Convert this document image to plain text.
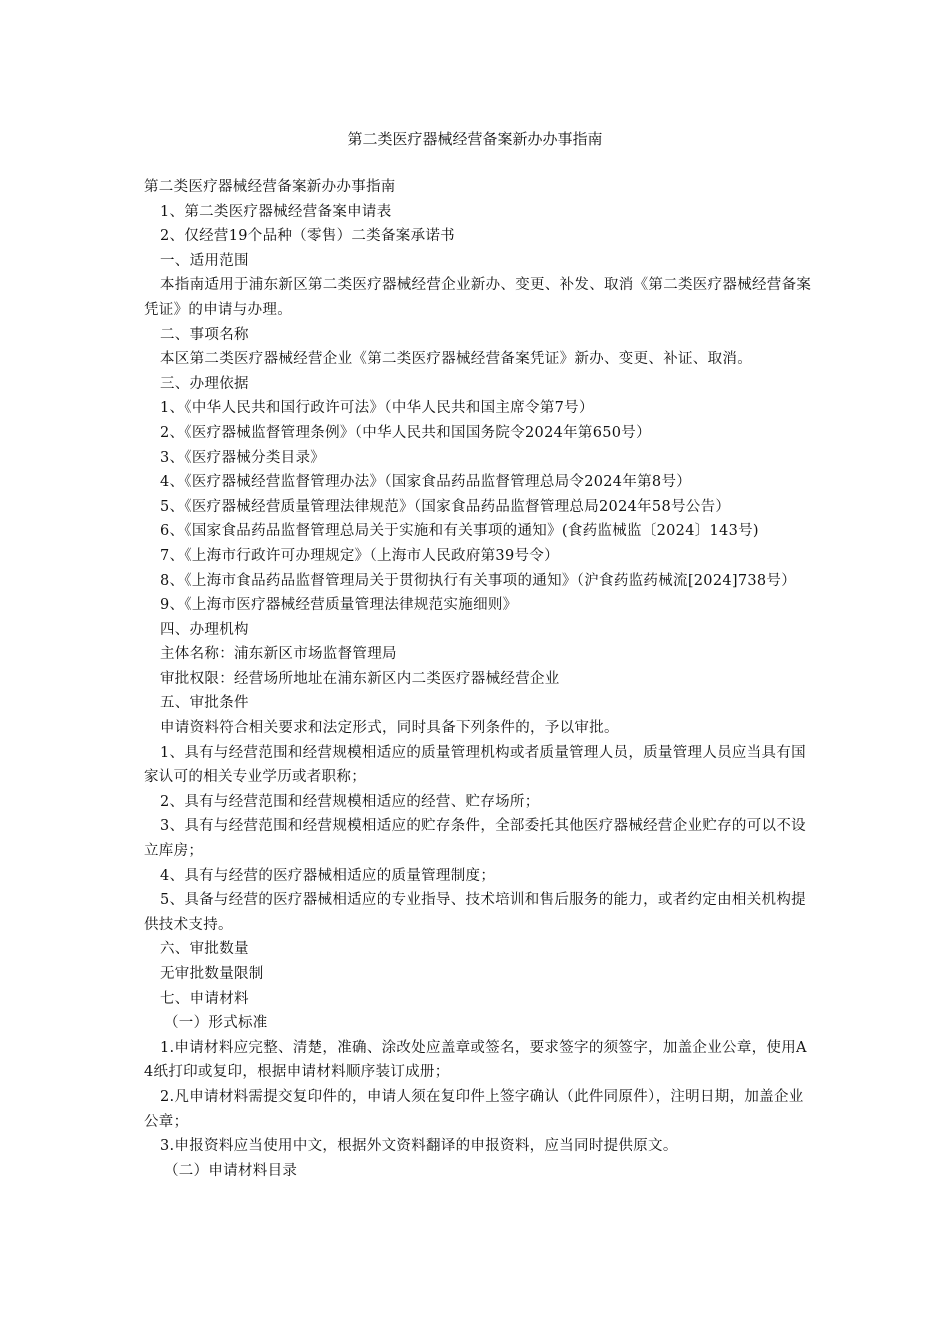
第二类医疗器械经营备案新办办事指南

第二类医疗器械经营备案新办办事指南

1、第二类医疗器械经营备案申请表

2、仅经营19个品种（零售）二类备案承诺书

一、适用范围

本指南适用于浦东新区第二类医疗器械经营企业新办、变更、补发、取消《第二类医疗器械经营备案凭证》的申请与办理。

二、事项名称

本区第二类医疗器械经营企业《第二类医疗器械经营备案凭证》新办、变更、补证、取消。

三、办理依据

1、《中华人民共和国行政许可法》（中华人民共和国主席令第7号）

2、《医疗器械监督管理条例》（中华人民共和国国务院令2024年第650号）

3、《医疗器械分类目录》

4、《医疗器械经营监督管理办法》（国家食品药品监督管理总局令2024年第8号）

5、《医疗器械经营质量管理法律规范》（国家食品药品监督管理总局2024年58号公告）

6、《国家食品药品监督管理总局关于实施和有关事项的通知》(食药监械监〔2024〕143号)

7、《上海市行政许可办理规定》（上海市人民政府第39号令）

8、《上海市食品药品监督管理局关于贯彻执行有关事项的通知》（沪食药监药械流[2024]738号）

9、《上海市医疗器械经营质量管理法律规范实施细则》

四、办理机构

主体名称：浦东新区市场监督管理局

审批权限：经营场所地址在浦东新区内二类医疗器械经营企业

五、审批条件

申请资料符合相关要求和法定形式，同时具备下列条件的，予以审批。

1、具有与经营范围和经营规模相适应的质量管理机构或者质量管理人员，质量管理人员应当具有国家认可的相关专业学历或者职称；

2、具有与经营范围和经营规模相适应的经营、贮存场所；

3、具有与经营范围和经营规模相适应的贮存条件，全部委托其他医疗器械经营企业贮存的可以不设立库房；

4、具有与经营的医疗器械相适应的质量管理制度；

5、具备与经营的医疗器械相适应的专业指导、技术培训和售后服务的能力，或者约定由相关机构提供技术支持。

六、审批数量

无审批数量限制

七、申请材料

（一）形式标准

1.申请材料应完整、清楚，准确、涂改处应盖章或签名，要求签字的须签字，加盖企业公章，使用A4纸打印或复印，根据申请材料顺序装订成册；

2.凡申请材料需提交复印件的，申请人须在复印件上签字确认（此件同原件），注明日期，加盖企业公章；

3.申报资料应当使用中文，根据外文资料翻译的申报资料，应当同时提供原文。

（二）申请材料目录
